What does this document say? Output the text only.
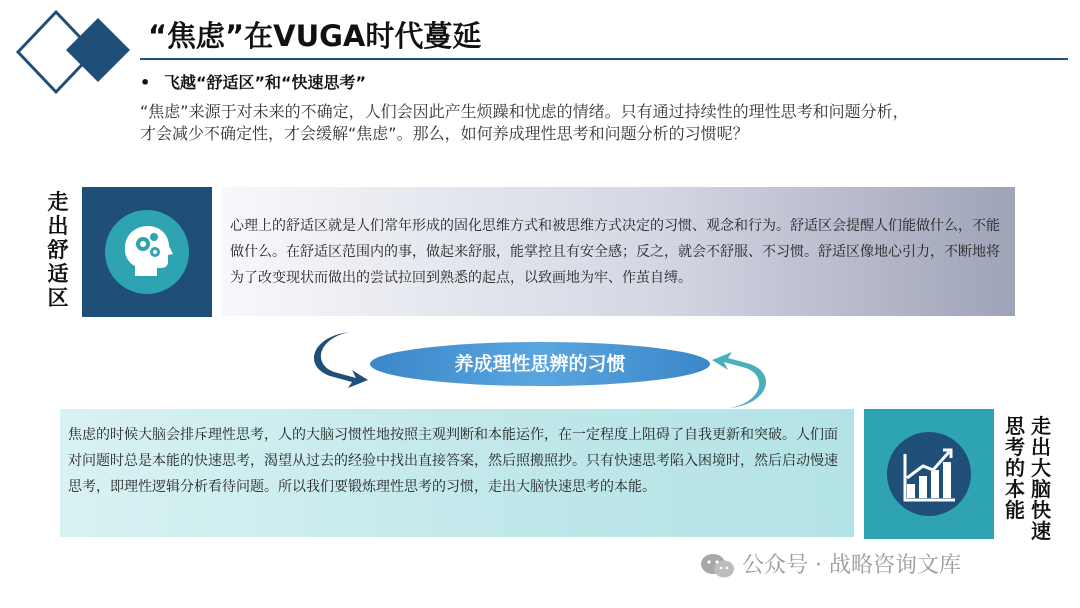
“焦虑”在VUGA时代蔓延
• 飞越“舒适区”和“快速思考”

“焦虑”来源于对未来的不确定，人们会因此产生烦躁和忧虑的情绪。只有通过持续性的理性思考和问题分析，

才会减少不确定性，才会缓解“焦虑”。那么，如何养成理性思考和问题分析的习惯呢？

走
出
舒
适
区
心理上的舒适区就是人们常年形成的固化思维方式和被思维方式决定的习惯、观念和行为。舒适区会提醒人们能做什么，不能做什么。在舒适区范围内的事，做起来舒服，能掌控且有安全感；反之，就会不舒服、不习惯。舒适区像地心引力，不断地将为了改变现状而做出的尝试拉回到熟悉的起点，以致画地为牢、作茧自缚。
养成理性思辨的习惯
焦虑的时候大脑会排斥理性思考，人的大脑习惯性地按照主观判断和本能运作，在一定程度上阻碍了自我更新和突破。人们面对问题时总是本能的快速思考，渴望从过去的经验中找出直接答案，然后照搬照抄。只有快速思考陷入困境时，然后启动慢速思考，即理性逻辑分析看待问题。所以我们要锻炼理性思考的习惯，走出大脑快速思考的本能。
思
考
的
本
能
走
出
大
脑
快
速
公众号 · 战略咨询文库
